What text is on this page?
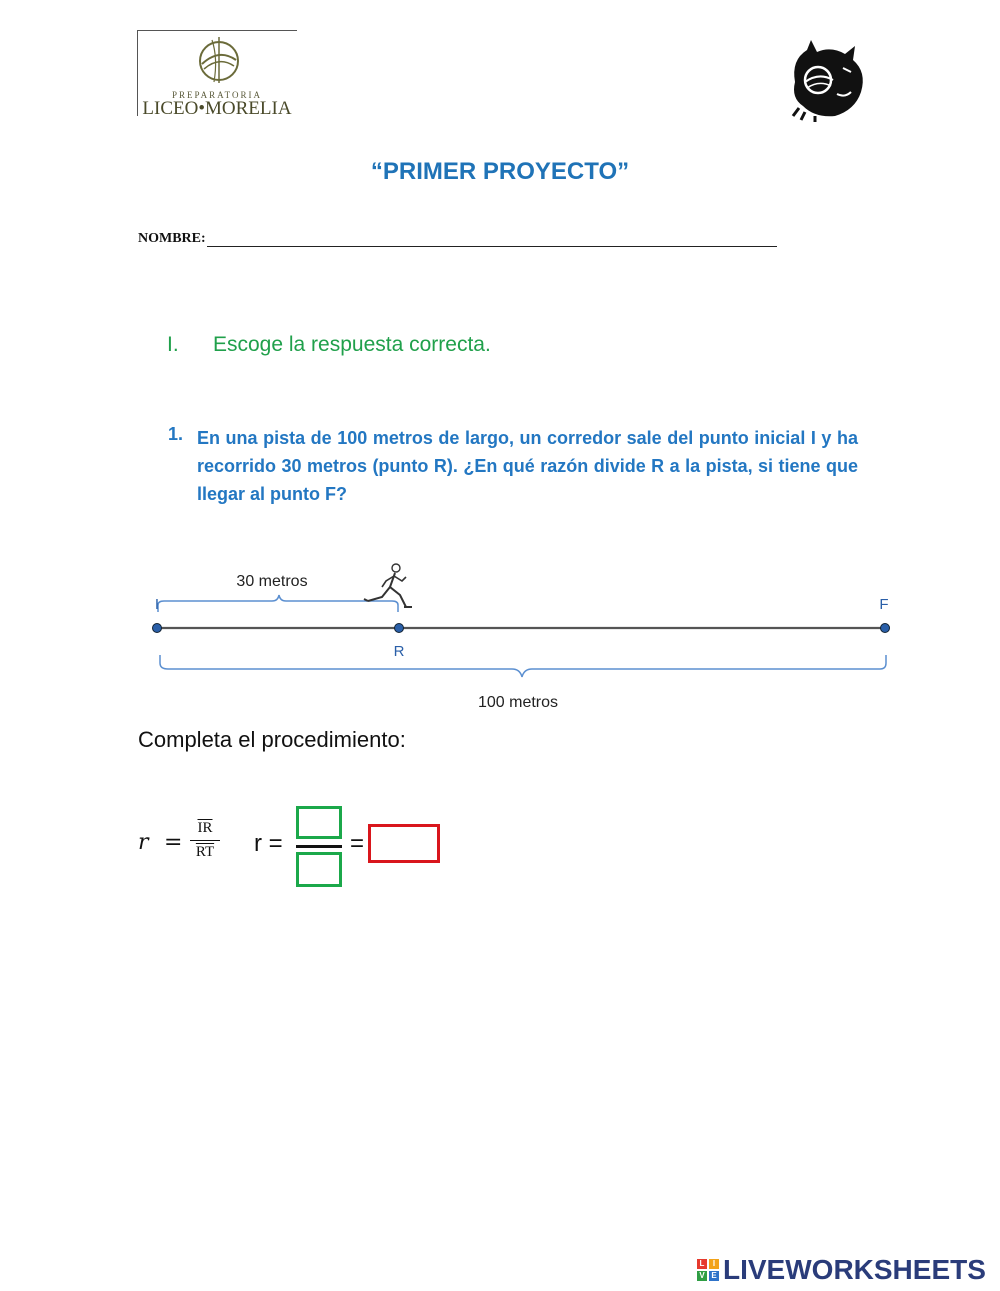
PREPARATORIA
LICEO•MORELIA
“PRIMER PROYECTO”
NOMBRE:
I. Escoge la respuesta correcta.
1. En una pista de 100 metros de largo, un corredor sale del punto inicial I y ha recorrido 30 metros (punto R). ¿En qué razón divide R a la pista, si tiene que llegar al punto F?
30 metros
I
R
F
100 metros
Completa el procedimiento:
$r = \frac{\overline{IR}}{RT}$ r =	=
L	I
V E LIVEWORKSHEETS
